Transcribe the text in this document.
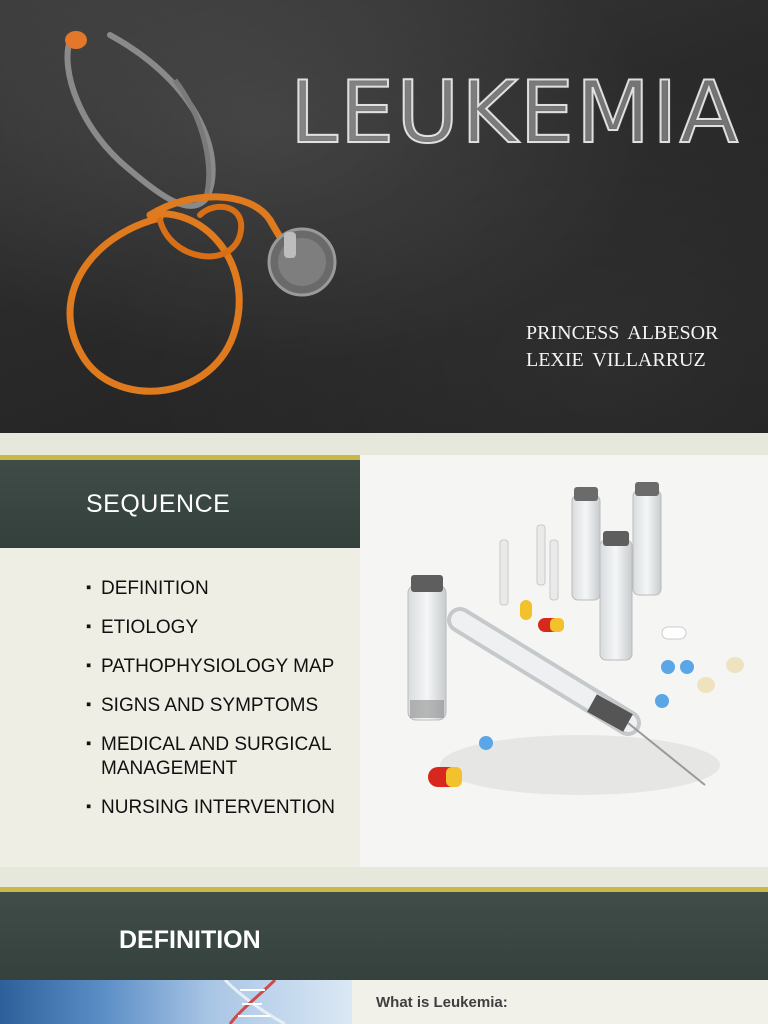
LEUKEMIA
PRINCESS ALBESOR
LEXIE VILLARRUZ
SEQUENCE
▪ DEFINITION
▪ ETIOLOGY
▪ PATHOPHYSIOLOGY MAP
▪ SIGNS AND SYMPTOMS
▪ MEDICAL AND SURGICAL MANAGEMENT
▪ NURSING INTERVENTION
DEFINITION
What is Leukemia:
